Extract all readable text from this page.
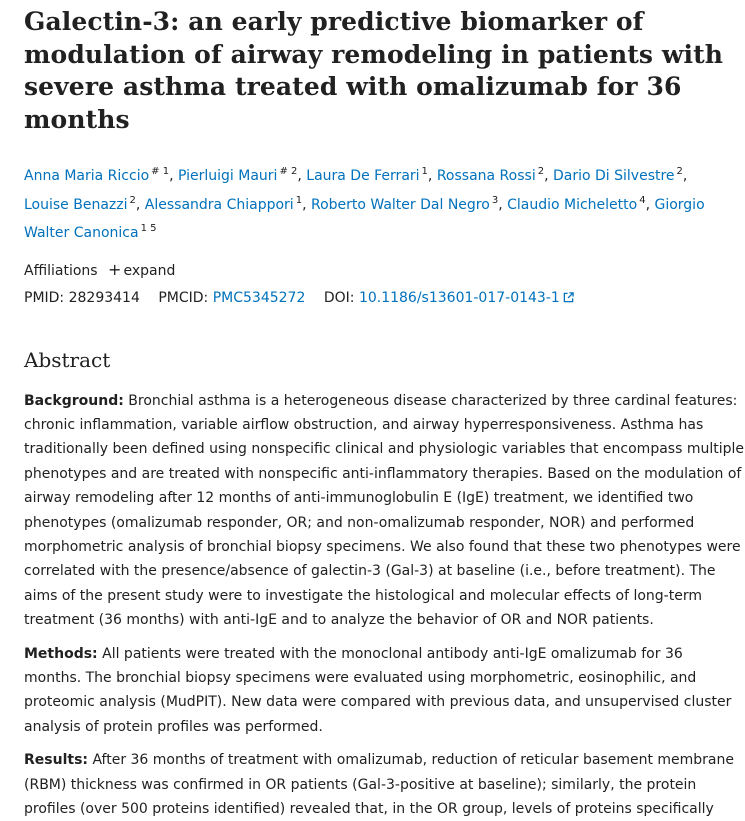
Galectin-3: an early predictive biomarker of modulation of airway remodeling in patients with severe asthma treated with omalizumab for 36 months
Anna Maria Riccio $^{\# 1}$, Pierluigi Mauri $^{\# 2}$, Laura De Ferrari $^1$, Rossana Rossi $^2$, Dario Di Silvestre $^2$, Louise Benazzi $^2$, Alessandra Chiappori $^1$, Roberto Walter Dal Negro $^3$, Claudio Micheletto $^4$, Giorgio Walter Canonica $^{1 5}$
Affiliations + expand
PMID: 28293414 PMCID: PMC5345272 DOI: 10.1186/s13601-017-0143-1
Abstract

Background: Bronchial asthma is a heterogeneous disease characterized by three cardinal features: chronic inflammation, variable airflow obstruction, and airway hyperresponsiveness. Asthma has traditionally been defined using nonspecific clinical and physiologic variables that encompass multiple phenotypes and are treated with nonspecific anti-inflammatory therapies. Based on the modulation of airway remodeling after 12 months of anti-immunoglobulin E (IgE) treatment, we identified two phenotypes (omalizumab responder, OR; and non-omalizumab responder, NOR) and performed morphometric analysis of bronchial biopsy specimens. We also found that these two phenotypes were correlated with the presence/absence of galectin-3 (Gal-3) at baseline (i.e., before treatment). The aims of the present study were to investigate the histological and molecular effects of long-term treatment (36 months) with anti-IgE and to analyze the behavior of OR and NOR patients.

Methods: All patients were treated with the monoclonal antibody anti-IgE omalizumab for 36 months. The bronchial biopsy specimens were evaluated using morphometric, eosinophilic, and proteomic analysis (MudPIT). New data were compared with previous data, and unsupervised cluster analysis of protein profiles was performed.

Results: After 36 months of treatment with omalizumab, reduction of reticular basement membrane (RBM) thickness was confirmed in OR patients (Gal-3-positive at baseline); similarly, the protein profiles (over 500 proteins identified) revealed that, in the OR group, levels of proteins specifically
